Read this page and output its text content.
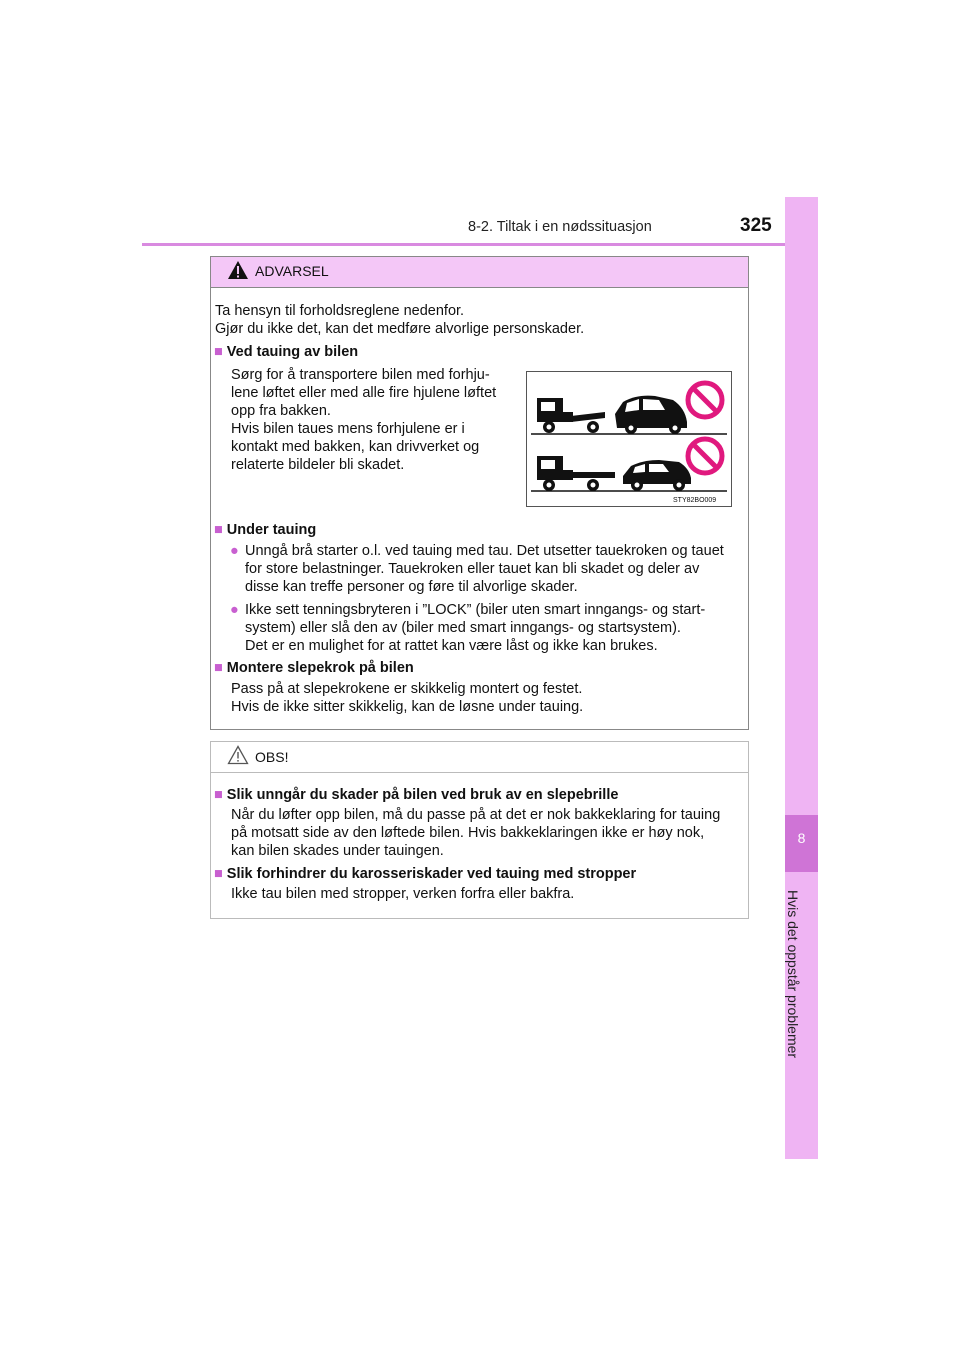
8-2. Tiltak i en nødssituasjon	325
8
Hvis det oppstår problemer
ADVARSEL
Ta hensyn til forholdsreglene nedenfor.
Gjør du ikke det, kan det medføre alvorlige personskader.
■ Ved tauing av bilen
Sørg for å transportere bilen med forhju-
lene løftet eller med alle fire hjulene løftet
opp fra bakken.
Hvis bilen taues mens forhjulene er i
kontakt med bakken, kan drivverket og
relaterte bildeler bli skadet.
STY82BO009
■ Under tauing
● Unngå brå starter o.l. ved tauing med tau. Det utsetter tauekroken og tauet
for store belastninger. Tauekroken eller tauet kan bli skadet og deler av
disse kan treffe personer og føre til alvorlige skader.
● Ikke sett tenningsbryteren i ”LOCK” (biler uten smart inngangs- og start-
system) eller slå den av (biler med smart inngangs- og startsystem).
Det er en mulighet for at rattet kan være låst og ikke kan brukes.
■ Montere slepekrok på bilen
Pass på at slepekrokene er skikkelig montert og festet.
Hvis de ikke sitter skikkelig, kan de løsne under tauing.
OBS!
■ Slik unngår du skader på bilen ved bruk av en slepebrille
Når du løfter opp bilen, må du passe på at det er nok bakkeklaring for tauing
på motsatt side av den løftede bilen. Hvis bakkeklaringen ikke er høy nok,
kan bilen skades under tauingen.
■ Slik forhindrer du karosseriskader ved tauing med stropper
Ikke tau bilen med stropper, verken forfra eller bakfra.
